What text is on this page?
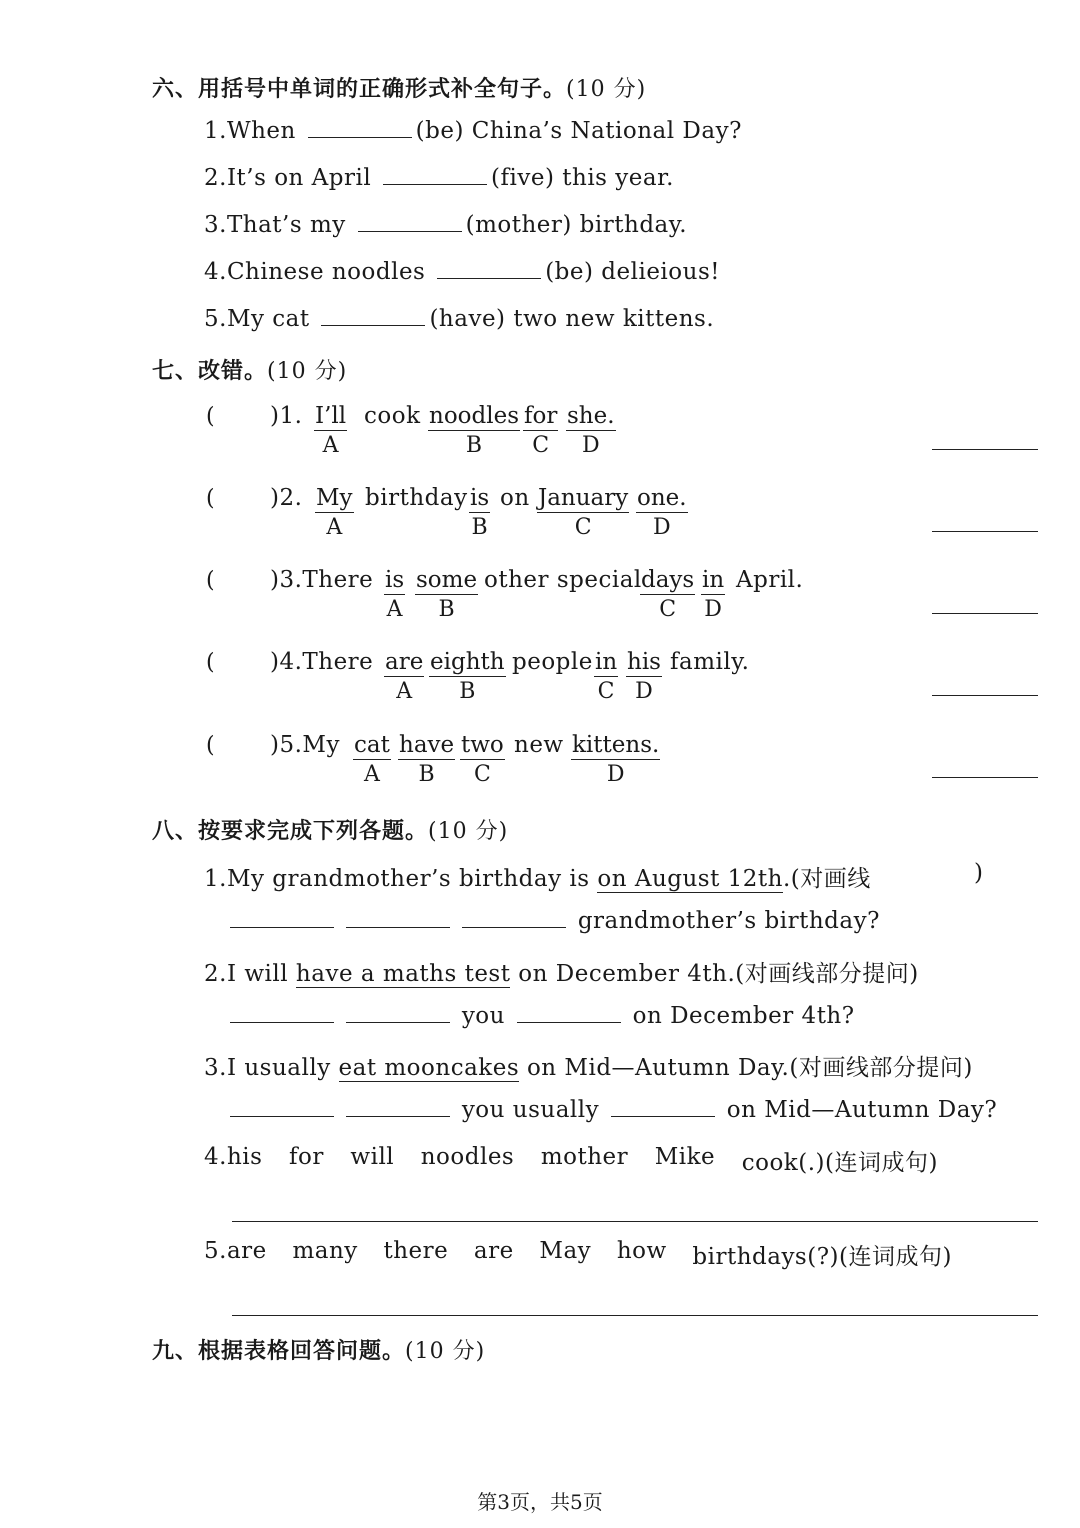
六、用括号中单词的正确形式补全句子。(10 分)
1.When	(be) China’s National Day?
2.It’s on April	(five) this year.
3.That’s my	(mother) birthday.
4.Chinese noodles	(be) delieious!
5.My cat	(have) two new kittens.
七、改错。(10 分)
( )1. I’ll
A
cook noodles
B
for
C
she.
D
( )2. My
A
birthday is
B
on January
C
one.
D
( )3.There is
A
some
B
other special days
C
in
D
April.
( )4.There are
A
eighth
B
people in
C
his
D
family.
( )5.My cat
A
have
B
two
C
new kittens.
D
八、按要求完成下列各题。(10 分)
1.My grandmother’s birthday is on August 12th.(对画线	)
grandmother’s birthday?
2.I will have a maths test on December 4th.(对画线部分提问)
you	on December 4th?
3.I usually eat mooncakes on Mid—Autumn Day.(对画线部分提问)
you usually	on Mid—Autumn Day?
4.his for will noodles mother Mike cook(.)(连词成句)
5.are many there are May how birthdays(?)(连词成句)
九、根据表格回答问题。(10 分)
第3页，共5页
